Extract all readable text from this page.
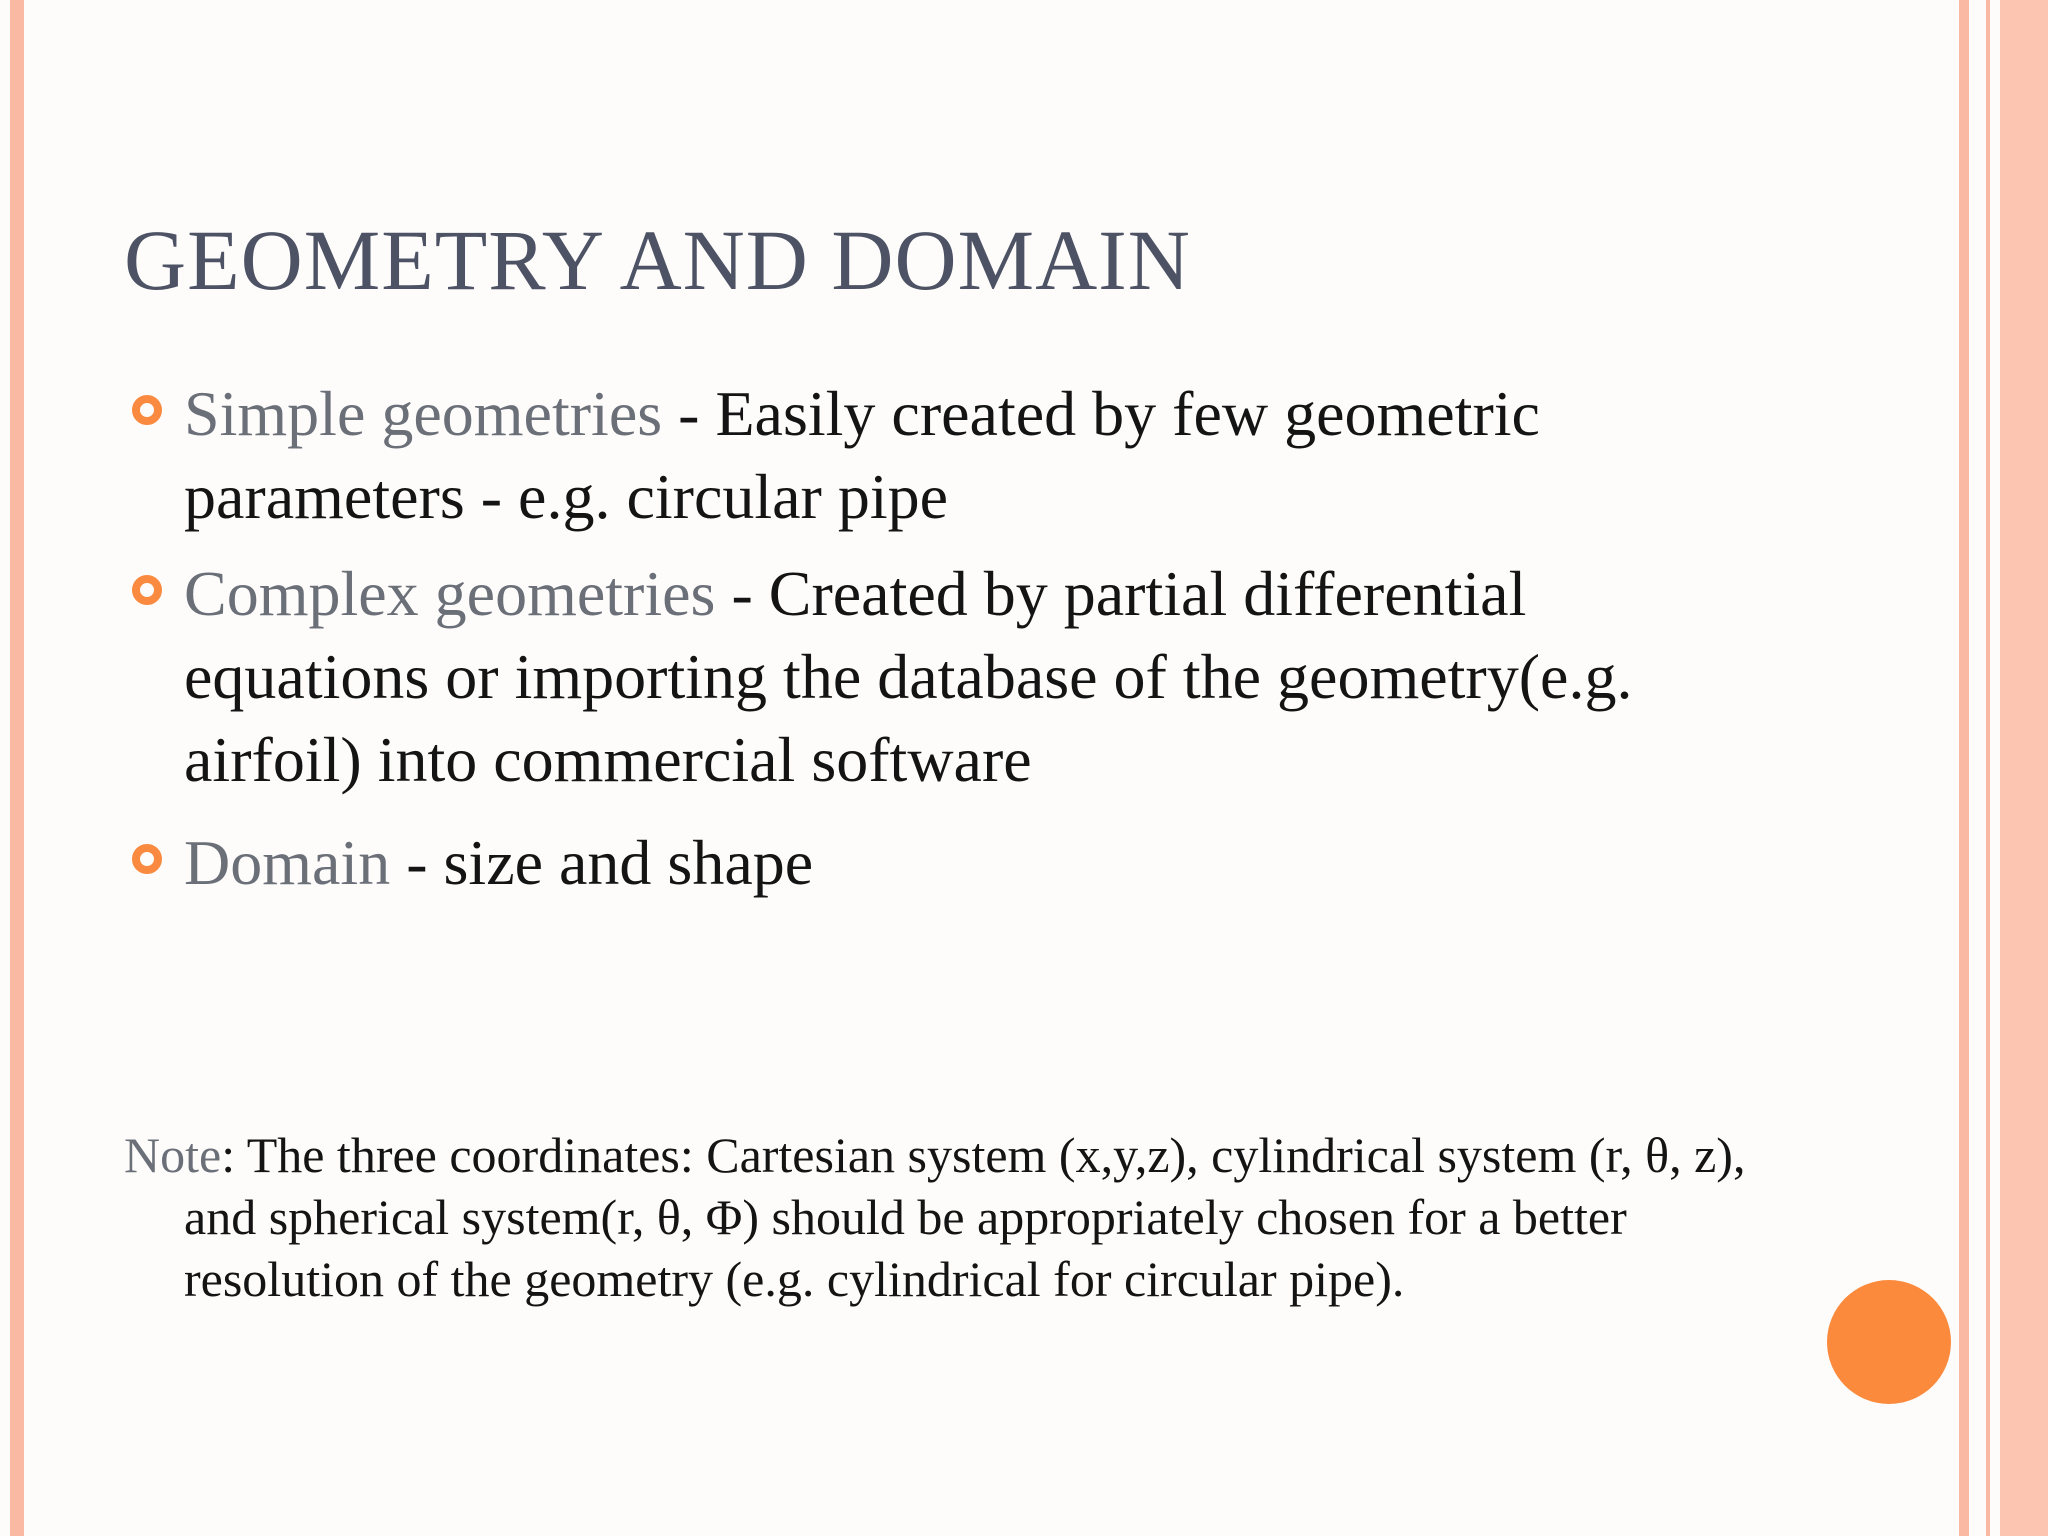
GEOMETRY AND DOMAIN
Simple geometries - Easily created by few geometric parameters - e.g. circular pipe
Complex geometries - Created by partial differential equations or importing the database of the geometry(e.g. airfoil) into commercial software
Domain - size and shape

Note: The three coordinates: Cartesian system (x,y,z), cylindrical system (r, θ, z), and spherical system(r, θ, Φ) should be appropriately chosen for a better resolution of the geometry (e.g. cylindrical for circular pipe).
